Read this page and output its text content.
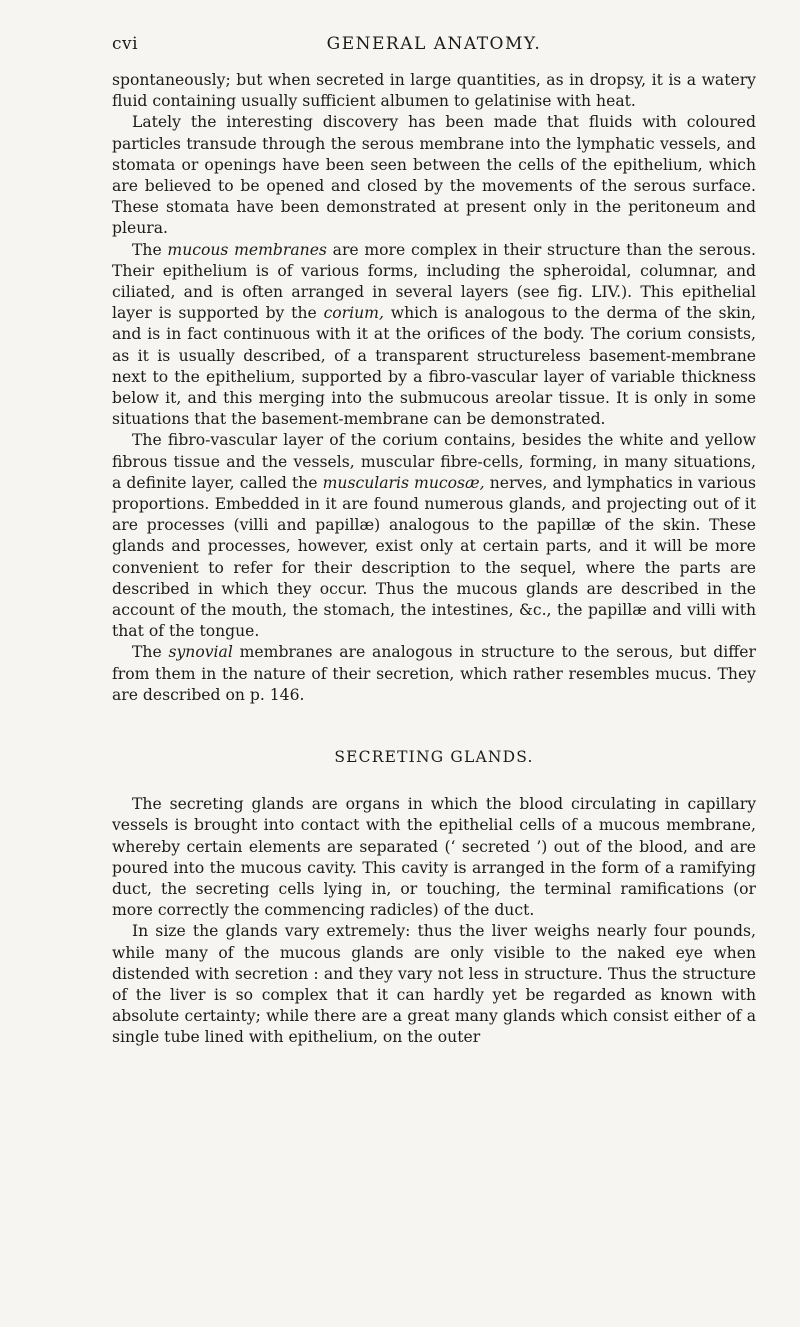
cvi	GENERAL ANATOMY.

spontaneously; but when secreted in large quantities, as in dropsy, it is a watery fluid containing usually sufficient albumen to gelatinise with heat.

Lately the interesting discovery has been made that fluids with coloured particles transude through the serous membrane into the lymphatic vessels, and stomata or openings have been seen between the cells of the epithelium, which are believed to be opened and closed by the movements of the serous surface. These stomata have been demonstrated at present only in the peritoneum and pleura.

The mucous membranes are more complex in their structure than the serous. Their epithelium is of various forms, including the spheroidal, columnar, and ciliated, and is often arranged in several layers (see fig. LIV.). This epithelial layer is supported by the corium, which is analogous to the derma of the skin, and is in fact continuous with it at the orifices of the body. The corium consists, as it is usually described, of a transparent structureless basement-membrane next to the epithelium, supported by a fibro-vascular layer of variable thickness below it, and this merging into the submucous areolar tissue. It is only in some situations that the basement-membrane can be demonstrated.

The fibro-vascular layer of the corium contains, besides the white and yellow fibrous tissue and the vessels, muscular fibre-cells, forming, in many situations, a definite layer, called the muscularis mucosæ, nerves, and lymphatics in various proportions. Embedded in it are found numerous glands, and projecting out of it are processes (villi and papillæ) analogous to the papillæ of the skin. These glands and processes, however, exist only at certain parts, and it will be more convenient to refer for their description to the sequel, where the parts are described in which they occur. Thus the mucous glands are described in the account of the mouth, the stomach, the intestines, &c., the papillæ and villi with that of the tongue.

The synovial membranes are analogous in structure to the serous, but differ from them in the nature of their secretion, which rather resembles mucus. They are described on p. 146.

SECRETING GLANDS.

The secreting glands are organs in which the blood circulating in capillary vessels is brought into contact with the epithelial cells of a mucous membrane, whereby certain elements are separated (‘ secreted ’) out of the blood, and are poured into the mucous cavity. This cavity is arranged in the form of a ramifying duct, the secreting cells lying in, or touching, the terminal ramifications (or more correctly the commencing radicles) of the duct.

In size the glands vary extremely: thus the liver weighs nearly four pounds, while many of the mucous glands are only visible to the naked eye when distended with secretion : and they vary not less in structure. Thus the structure of the liver is so complex that it can hardly yet be regarded as known with absolute certainty; while there are a great many glands which consist either of a single tube lined with epithelium, on the outer
